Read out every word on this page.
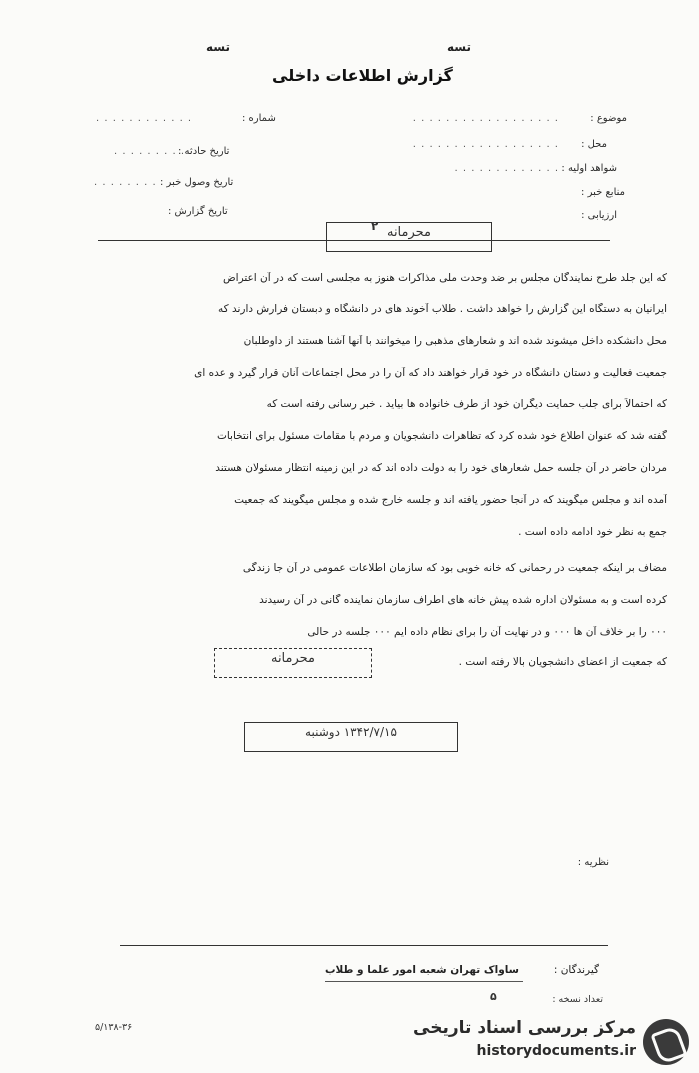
تسه
تسه
گزارش اطلاعات داخلی
موضوع :
. . . . . . . . . . . . . . . . . .
محل :
. . . . . . . . . . . . . . . . . .
شواهد اولیه :
. . . . . . . . . . . . .
منابع خبر :
ارزیابی :
. . . . . . . . . . . .	شماره :
. . . . . . . . .
تاریخ حادثه :
. . . . . . . . تاریخ وصول خبر :
تاریخ گزارش :
محرمانه
۲
که این جلد طرح نمایندگان مجلس بر ضد وحدت ملی مذاکرات هنوز به مجلسی است که در آن اعتراض
ایرانیان به دستگاه این گزارش را خواهد داشت . طلاب آخوند های در دانشگاه و دبستان فرارش دارند که
محل دانشکده داخل میشوند شده اند و شعارهای مذهبی را میخوانند با آنها آشنا هستند از داوطلبان
جمعیت فعالیت و دستان دانشگاه در خود قرار خواهند داد که آن را در محل اجتماعات آنان قرار گیرد و عده ای
که احتمالاً برای جلب حمایت دیگران خود از طرف خانواده ها بیاید . خبر رسانی رفته است که
گفته شد که عنوان اطلاع خود شده کرد که تظاهرات دانشجویان و مردم با مقامات مسئول برای انتخابات
مردان حاضر در آن جلسه حمل شعارهای خود را به دولت داده اند که در این زمینه انتظار مسئولان هستند
آمده اند و مجلس میگویند که در آنجا حضور یافته اند و جلسه خارج شده و مجلس میگویند که جمعیت
جمع به نظر خود ادامه داده است .
مضاف بر اینکه جمعیت در رحمانی که خانه خوبی بود که سازمان اطلاعات عمومی در آن جا زندگی
کرده است و به مسئولان اداره شده پیش خانه های اطراف سازمان نماینده گانی در آن رسیدند
۰۰۰ را بر خلاف آن ها ۰۰۰ و در نهایت آن را برای نظام داده ایم ۰۰۰ جلسه در حالی
که جمعیت از اعضای دانشجویان بالا رفته است .
محرمانه
۱۳۴۲/۷/۱۵ دوشنبه
نظریه :
گیرندگان :
ساواک تهران شعبه امور علما و طلاب
تعداد نسخه :
۵
۵/۱۳۸-۳۶	مرکز بررسی اسناد تاریخی
historydocuments.ir
